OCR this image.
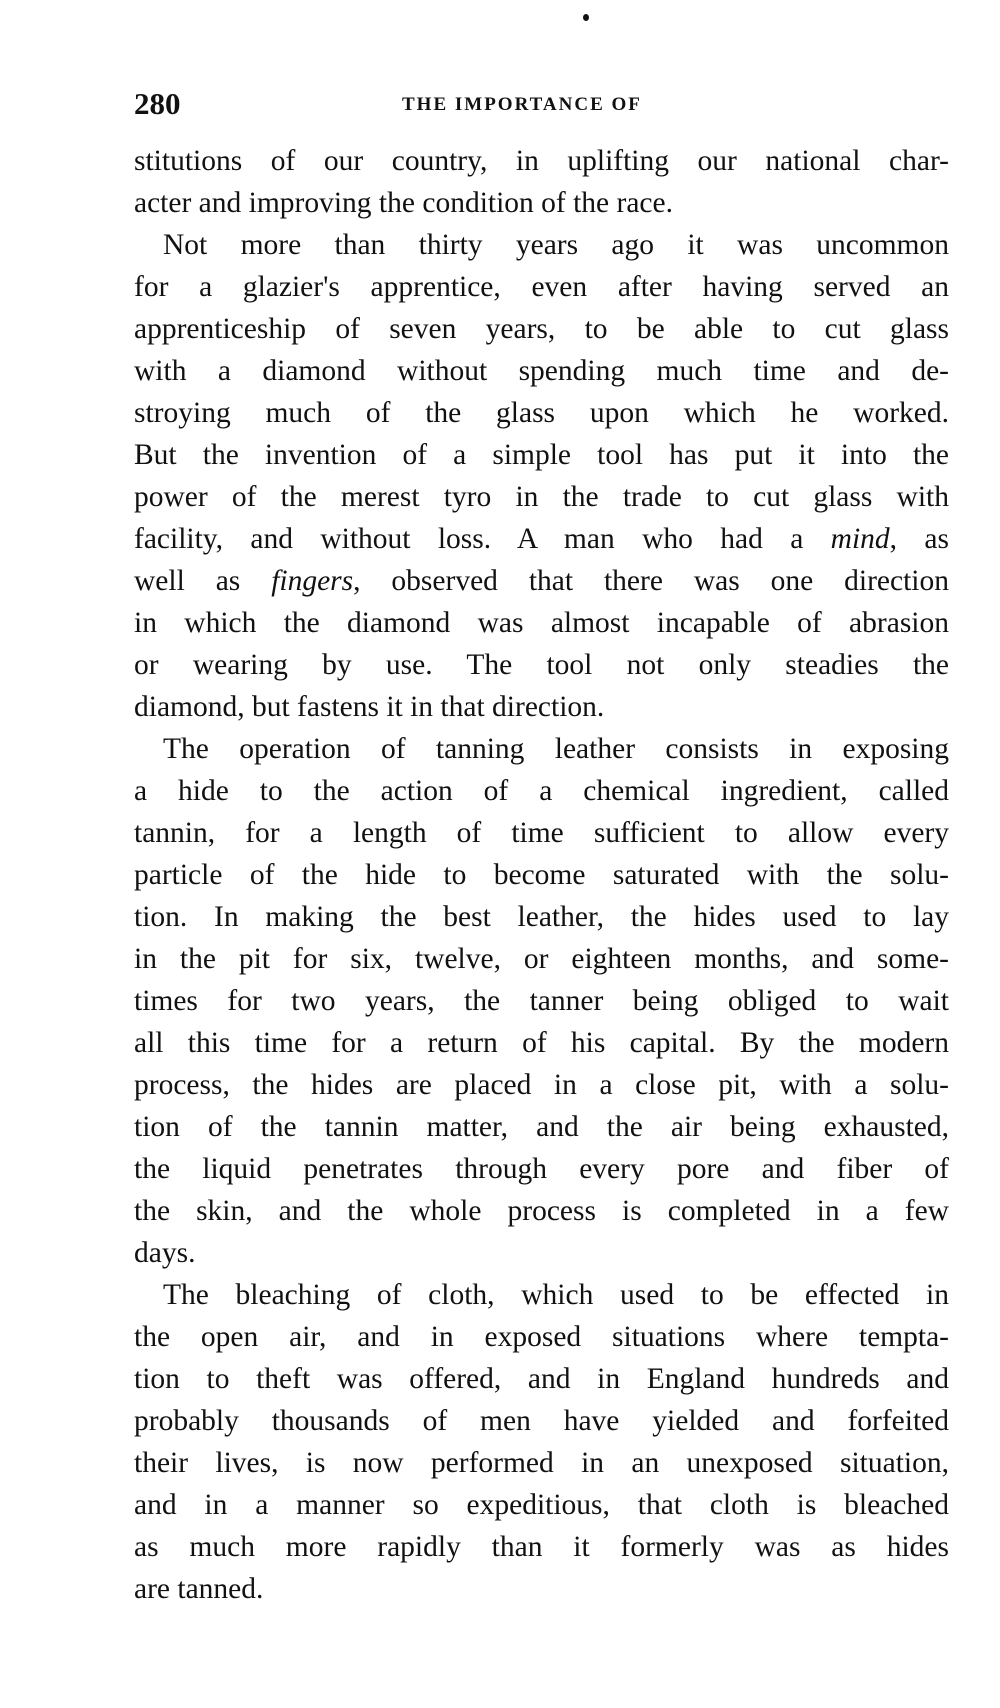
280	THE IMPORTANCE OF
stitutions of our country, in uplifting our national char-
acter and improving the condition of the race.
Not more than thirty years ago it was uncommon
for a glazier's apprentice, even after having served an
apprenticeship of seven years, to be able to cut glass
with a diamond without spending much time and de-
stroying much of the glass upon which he worked.
But the invention of a simple tool has put it into the
power of the merest tyro in the trade to cut glass with
facility, and without loss. A man who had a mind, as
well as fingers, observed that there was one direction
in which the diamond was almost incapable of abrasion
or wearing by use. The tool not only steadies the
diamond, but fastens it in that direction.
The operation of tanning leather consists in exposing
a hide to the action of a chemical ingredient, called
tannin, for a length of time sufficient to allow every
particle of the hide to become saturated with the solu-
tion. In making the best leather, the hides used to lay
in the pit for six, twelve, or eighteen months, and some-
times for two years, the tanner being obliged to wait
all this time for a return of his capital. By the modern
process, the hides are placed in a close pit, with a solu-
tion of the tannin matter, and the air being exhausted,
the liquid penetrates through every pore and fiber of
the skin, and the whole process is completed in a few
days.
The bleaching of cloth, which used to be effected in
the open air, and in exposed situations where tempta-
tion to theft was offered, and in England hundreds and
probably thousands of men have yielded and forfeited
their lives, is now performed in an unexposed situation,
and in a manner so expeditious, that cloth is bleached
as much more rapidly than it formerly was as hides
are tanned.
